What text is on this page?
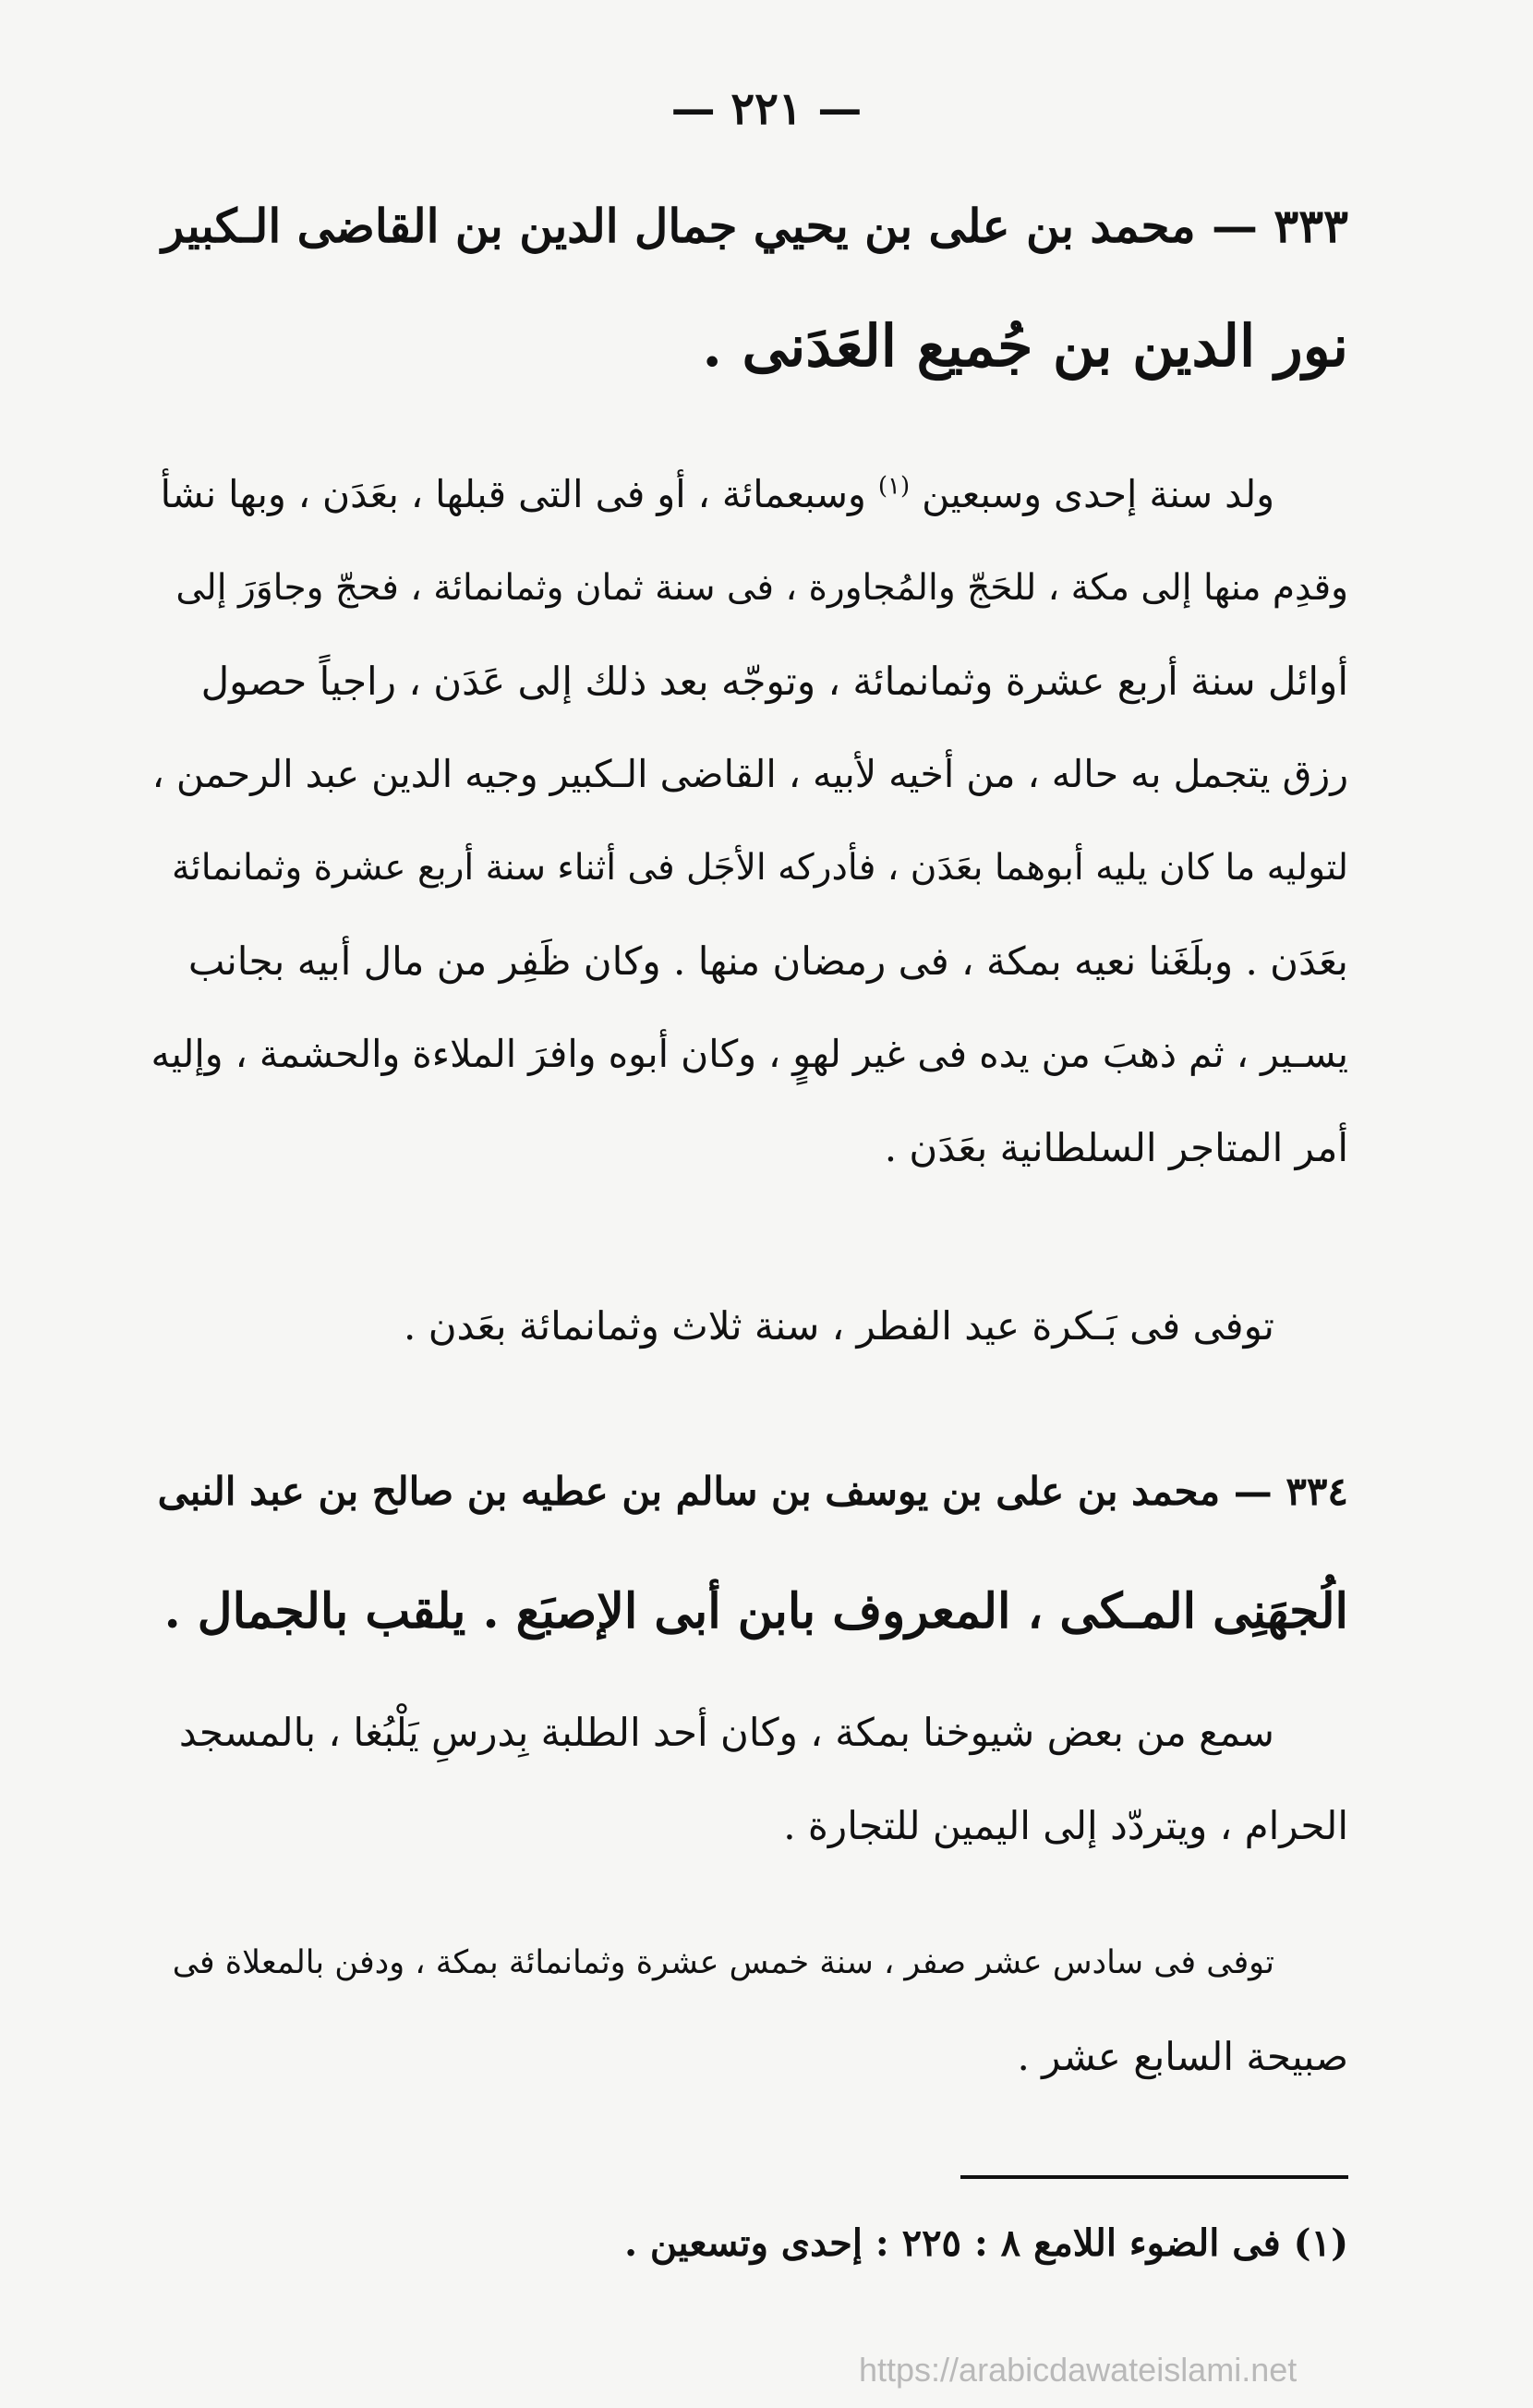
— ٢٢١ —
٣٣٣ — محمد بن على بن يحيي جمال الدين بن القاضى الـكبير
نور الدين بن جُميع العَدَنى .
ولد سنة إحدى وسبعين $^{(١)}$ وسبعمائة ، أو فى التى قبلها ، بعَدَن ، وبها نشأ
وقدِم منها إلى مكة ، للحَجّ والمُجاورة ، فى سنة ثمان وثمانمائة ، فحجّ وجاوَرَ إلى
أوائل سنة أربع عشرة وثمانمائة ، وتوجّه بعد ذلك إلى عَدَن ، راجياً حصول
رزق يتجمل به حاله ، من أخيه لأبيه ، القاضى الـكبير وجيه الدين عبد الرحمن ،
لتوليه ما كان يليه أبوهما بعَدَن ، فأدركه الأجَل فى أثناء سنة أربع عشرة وثمانمائة
بعَدَن . وبلَغَنا نعيه بمكة ، فى رمضان منها . وكان ظَفِر من مال أبيه بجانب
يسـير ، ثم ذهبَ من يده فى غير لهوٍ ، وكان أبوه وافرَ الملاءة والحشمة ، وإليه
أمر المتاجر السلطانية بعَدَن .
توفى فى بَـكرة عيد الفطر ، سنة ثلاث وثمانمائة بعَدن .
٣٣٤ — محمد بن على بن يوسف بن سالم بن عطيه بن صالح بن عبد النبى
الُجهَنِى المـكى ، المعروف بابن أبى الإصبَع . يلقب بالجمال .
سمع من بعض شيوخنا بمكة ، وكان أحد الطلبة بِدرسِ يَلْبُغا ، بالمسجد
الحرام ، ويتردّد إلى اليمين للتجارة .
توفى فى سادس عشر صفر ، سنة خمس عشرة وثمانمائة بمكة ، ودفن بالمعلاة فى
صبيحة السابع عشر .
(١) فى الضوء اللامع ٨ : ٢٢٥ : إحدى وتسعين .
https://arabicdawateislami.net
